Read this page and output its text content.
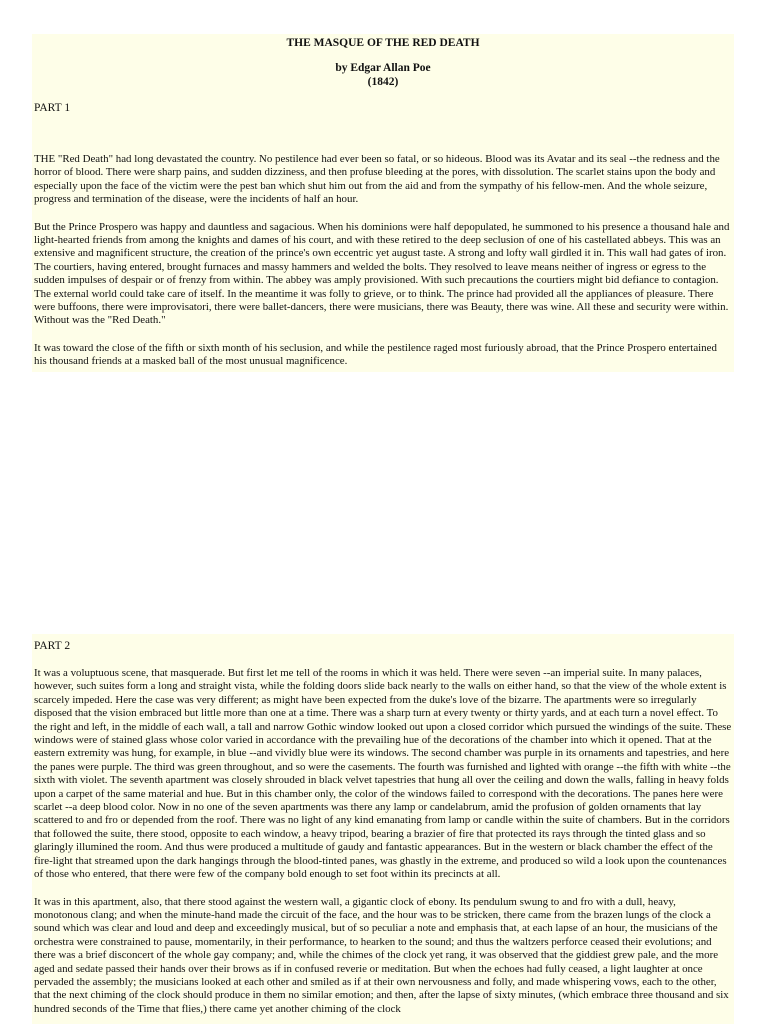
THE MASQUE OF THE RED DEATH
by Edgar Allan Poe
(1842)

PART 1

THE "Red Death" had long devastated the country. No pestilence had ever been so fatal, or so hideous. Blood was its Avatar and its seal --the redness and the horror of blood. There were sharp pains, and sudden dizziness, and then profuse bleeding at the pores, with dissolution. The scarlet stains upon the body and especially upon the face of the victim were the pest ban which shut him out from the aid and from the sympathy of his fellow-men. And the whole seizure, progress and termination of the disease, were the incidents of half an hour.

But the Prince Prospero was happy and dauntless and sagacious. When his dominions were half depopulated, he summoned to his presence a thousand hale and light-hearted friends from among the knights and dames of his court, and with these retired to the deep seclusion of one of his castellated abbeys. This was an extensive and magnificent structure, the creation of the prince's own eccentric yet august taste. A strong and lofty wall girdled it in. This wall had gates of iron. The courtiers, having entered, brought furnaces and massy hammers and welded the bolts. They resolved to leave means neither of ingress or egress to the sudden impulses of despair or of frenzy from within. The abbey was amply provisioned. With such precautions the courtiers might bid defiance to contagion. The external world could take care of itself. In the meantime it was folly to grieve, or to think. The prince had provided all the appliances of pleasure. There were buffoons, there were improvisatori, there were ballet-dancers, there were musicians, there was Beauty, there was wine. All these and security were within. Without was the "Red Death."

It was toward the close of the fifth or sixth month of his seclusion, and while the pestilence raged most furiously abroad, that the Prince Prospero entertained his thousand friends at a masked ball of the most unusual magnificence.

PART 2

It was a voluptuous scene, that masquerade. But first let me tell of the rooms in which it was held. There were seven --an imperial suite. In many palaces, however, such suites form a long and straight vista, while the folding doors slide back nearly to the walls on either hand, so that the view of the whole extent is scarcely impeded. Here the case was very different; as might have been expected from the duke's love of the bizarre. The apartments were so irregularly disposed that the vision embraced but little more than one at a time. There was a sharp turn at every twenty or thirty yards, and at each turn a novel effect. To the right and left, in the middle of each wall, a tall and narrow Gothic window looked out upon a closed corridor which pursued the windings of the suite. These windows were of stained glass whose color varied in accordance with the prevailing hue of the decorations of the chamber into which it opened. That at the eastern extremity was hung, for example, in blue --and vividly blue were its windows. The second chamber was purple in its ornaments and tapestries, and here the panes were purple. The third was green throughout, and so were the casements. The fourth was furnished and lighted with orange --the fifth with white --the sixth with violet. The seventh apartment was closely shrouded in black velvet tapestries that hung all over the ceiling and down the walls, falling in heavy folds upon a carpet of the same material and hue. But in this chamber only, the color of the windows failed to correspond with the decorations. The panes here were scarlet --a deep blood color. Now in no one of the seven apartments was there any lamp or candelabrum, amid the profusion of golden ornaments that lay scattered to and fro or depended from the roof. There was no light of any kind emanating from lamp or candle within the suite of chambers. But in the corridors that followed the suite, there stood, opposite to each window, a heavy tripod, bearing a brazier of fire that protected its rays through the tinted glass and so glaringly illumined the room. And thus were produced a multitude of gaudy and fantastic appearances. But in the western or black chamber the effect of the fire-light that streamed upon the dark hangings through the blood-tinted panes, was ghastly in the extreme, and produced so wild a look upon the countenances of those who entered, that there were few of the company bold enough to set foot within its precincts at all.

It was in this apartment, also, that there stood against the western wall, a gigantic clock of ebony. Its pendulum swung to and fro with a dull, heavy, monotonous clang; and when the minute-hand made the circuit of the face, and the hour was to be stricken, there came from the brazen lungs of the clock a sound which was clear and loud and deep and exceedingly musical, but of so peculiar a note and emphasis that, at each lapse of an hour, the musicians of the orchestra were constrained to pause, momentarily, in their performance, to hearken to the sound; and thus the waltzers perforce ceased their evolutions; and there was a brief disconcert of the whole gay company; and, while the chimes of the clock yet rang, it was observed that the giddiest grew pale, and the more aged and sedate passed their hands over their brows as if in confused reverie or meditation. But when the echoes had fully ceased, a light laughter at once pervaded the assembly; the musicians looked at each other and smiled as if at their own nervousness and folly, and made whispering vows, each to the other, that the next chiming of the clock should produce in them no similar emotion; and then, after the lapse of sixty minutes, (which embrace three thousand and six hundred seconds of the Time that flies,) there came yet another chiming of the clock
